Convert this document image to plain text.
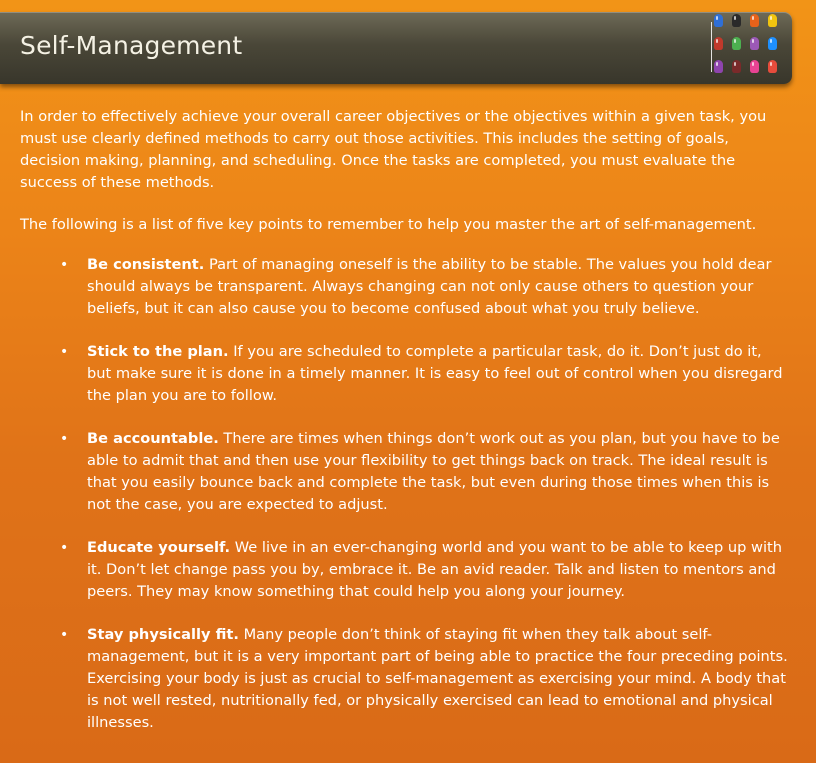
Self-Management

In order to effectively achieve your overall career objectives or the objectives within a given task, you must use clearly defined methods to carry out those activities. This includes the setting of goals, decision making, planning, and scheduling. Once the tasks are completed, you must evaluate the success of these methods.

The following is a list of five key points to remember to help you master the art of self-management.

• Be consistent. Part of managing oneself is the ability to be stable. The values you hold dear should always be transparent. Always changing can not only cause others to question your beliefs, but it can also cause you to become confused about what you truly believe.
• Stick to the plan. If you are scheduled to complete a particular task, do it. Don’t just do it, but make sure it is done in a timely manner. It is easy to feel out of control when you disregard the plan you are to follow.
• Be accountable. There are times when things don’t work out as you plan, but you have to be able to admit that and then use your flexibility to get things back on track. The ideal result is that you easily bounce back and complete the task, but even during those times when this is not the case, you are expected to adjust.
• Educate yourself. We live in an ever-changing world and you want to be able to keep up with it. Don’t let change pass you by, embrace it. Be an avid reader. Talk and listen to mentors and peers. They may know something that could help you along your journey.
• Stay physically fit. Many people don’t think of staying fit when they talk about self-management, but it is a very important part of being able to practice the four preceding points. Exercising your body is just as crucial to self-management as exercising your mind. A body that is not well rested, nutritionally fed, or physically exercised can lead to emotional and physical illnesses.
